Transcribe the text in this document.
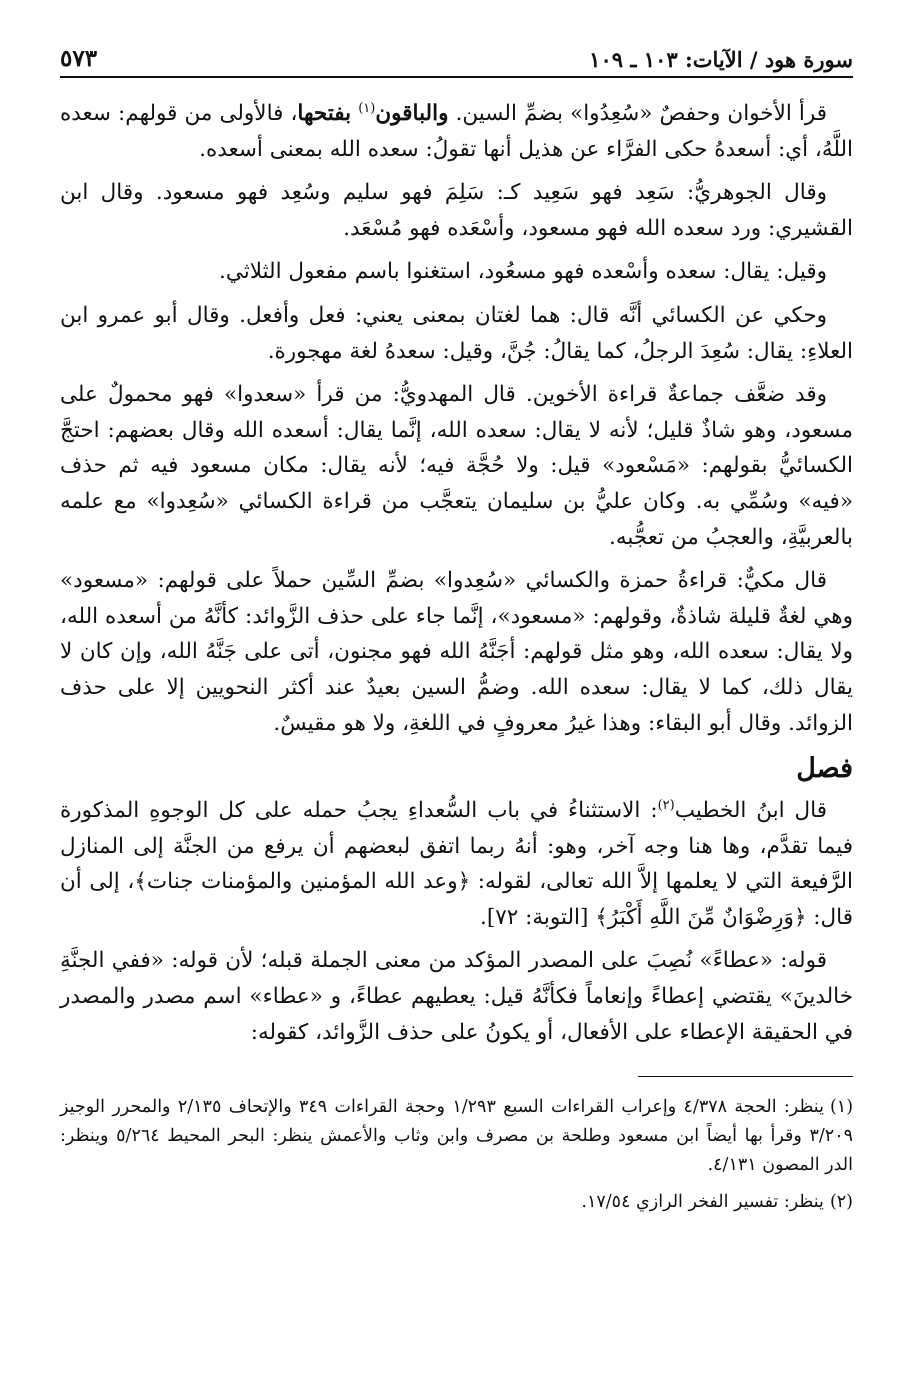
سورة هود / الآيات: ١٠٣ ـ ١٠٩
٥٧٣

قرأ الأخوان وحفصٌ «سُعِدُوا» بضمِّ السين. والباقون$^{(١)}$ بفتحها، فالأولى من قولهم: سعده اللَّهُ، أي: أسعدهُ حكى الفرَّاء عن هذيل أنها تقولُ: سعده الله بمعنى أسعده.

وقال الجوهريُّ: سَعِد فهو سَعِيد كـ: سَلِمَ فهو سليم وسُعِد فهو مسعود. وقال ابن القشيري: ورد سعده الله فهو مسعود، وأسْعَده فهو مُسْعَد.

وقيل: يقال: سعده وأسْعده فهو مسعُود، استغنوا باسم مفعول الثلاثي.

وحكي عن الكسائي أنَّه قال: هما لغتان بمعنى يعني: فعل وأفعل. وقال أبو عمرو ابن العلاءِ: يقال: سُعِدَ الرجلُ، كما يقالُ: جُنَّ، وقيل: سعدهُ لغة مهجورة.

وقد ضعَّف جماعةٌ قراءة الأخوين. قال المهدويُّ: من قرأ «سعدوا» فهو محمولٌ على مسعود، وهو شاذٌ قليل؛ لأنه لا يقال: سعده الله، إنَّما يقال: أسعده الله وقال بعضهم: احتجَّ الكسائيُّ بقولهم: «مَسْعود» قيل: ولا حُجَّة فيه؛ لأنه يقال: مكان مسعود فيه ثم حذف «فيه» وسُمِّي به. وكان عليُّ بن سليمان يتعجَّب من قراءة الكسائي «سُعِدوا» مع علمه بالعربيَّةِ، والعجبُ من تعجُّبه.

قال مكيٌّ: قراءةُ حمزة والكسائي «سُعِدوا» بضمِّ السِّين حملاً على قولهم: «مسعود» وهي لغةٌ قليلة شاذةٌ، وقولهم: «مسعود»، إنَّما جاء على حذف الزَّوائد: كأنَّهُ من أسعده الله، ولا يقال: سعده الله، وهو مثل قولهم: أجَنَّهُ الله فهو مجنون، أتى على جَنَّهُ الله، وإن كان لا يقال ذلك، كما لا يقال: سعده الله. وضمُّ السين بعيدٌ عند أكثر النحويين إلا على حذف الزوائد. وقال أبو البقاء: وهذا غيرُ معروفٍ في اللغةِ، ولا هو مقيسٌ.

فصل

قال ابنُ الخطيب$^{(٢)}$: الاستثناءُ في باب السُّعداءِ يجبُ حمله على كل الوجوهِ المذكورة فيما تقدَّم، وها هنا وجه آخر، وهو: أنهُ ربما اتفق لبعضهم أن يرفع من الجنَّة إلى المنازل الرَّفيعة التي لا يعلمها إلاَّ الله تعالى، لقوله: ﴿وعد الله المؤمنين والمؤمنات جنات﴾، إلى أن قال: ﴿وَرِضْوَانٌ مِّنَ اللَّهِ أَكْبَرُ﴾ [التوبة: ٧٢].

قوله: «عطاءً» نُصِبَ على المصدر المؤكد من معنى الجملة قبله؛ لأن قوله: «ففي الجنَّةِ خالدينَ» يقتضي إعطاءً وإنعاماً فكأنَّهُ قيل: يعطيهم عطاءً، و «عطاء» اسم مصدر والمصدر في الحقيقة الإعطاء على الأفعال، أو يكونُ على حذف الزَّوائد، كقوله:

(١)ينظر: الحجة ٤/٣٧٨ وإعراب القراءات السبع ١/٢٩٣ وحجة القراءات ٣٤٩ والإتحاف ٢/١٣٥ والمحرر الوجيز ٣/٢٠٩ وقرأ بها أيضاً ابن مسعود وطلحة بن مصرف وابن وثاب والأعمش ينظر: البحر المحيط ٥/٢٦٤ وينظر: الدر المصون ٤/١٣١.

(٢)ينظر: تفسير الفخر الرازي ١٧/٥٤.
